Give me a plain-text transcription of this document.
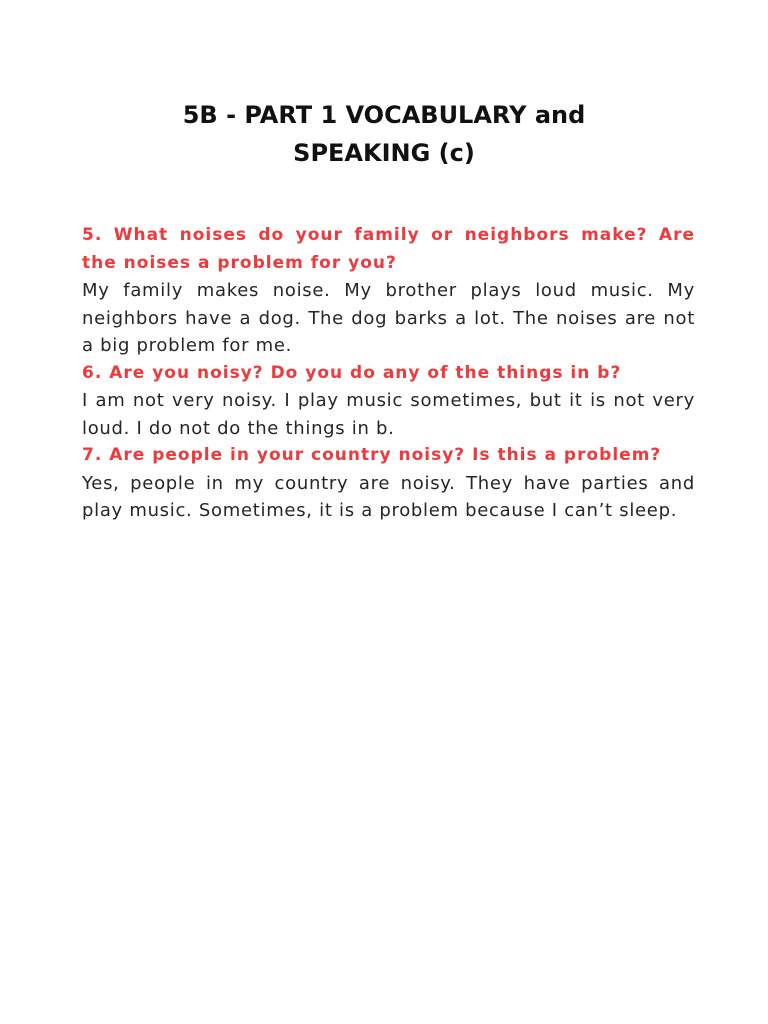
5B - PART 1 VOCABULARY and
SPEAKING (c)

5. What noises do your family or neighbors make? Are the noises a problem for you?

My family makes noise. My brother plays loud music. My neighbors have a dog. The dog barks a lot. The noises are not a big problem for me.

6. Are you noisy? Do you do any of the things in b?

I am not very noisy. I play music sometimes, but it is not very loud. I do not do the things in b.

7. Are people in your country noisy? Is this a problem?

Yes, people in my country are noisy. They have parties and play music. Sometimes, it is a problem because I can’t sleep.
